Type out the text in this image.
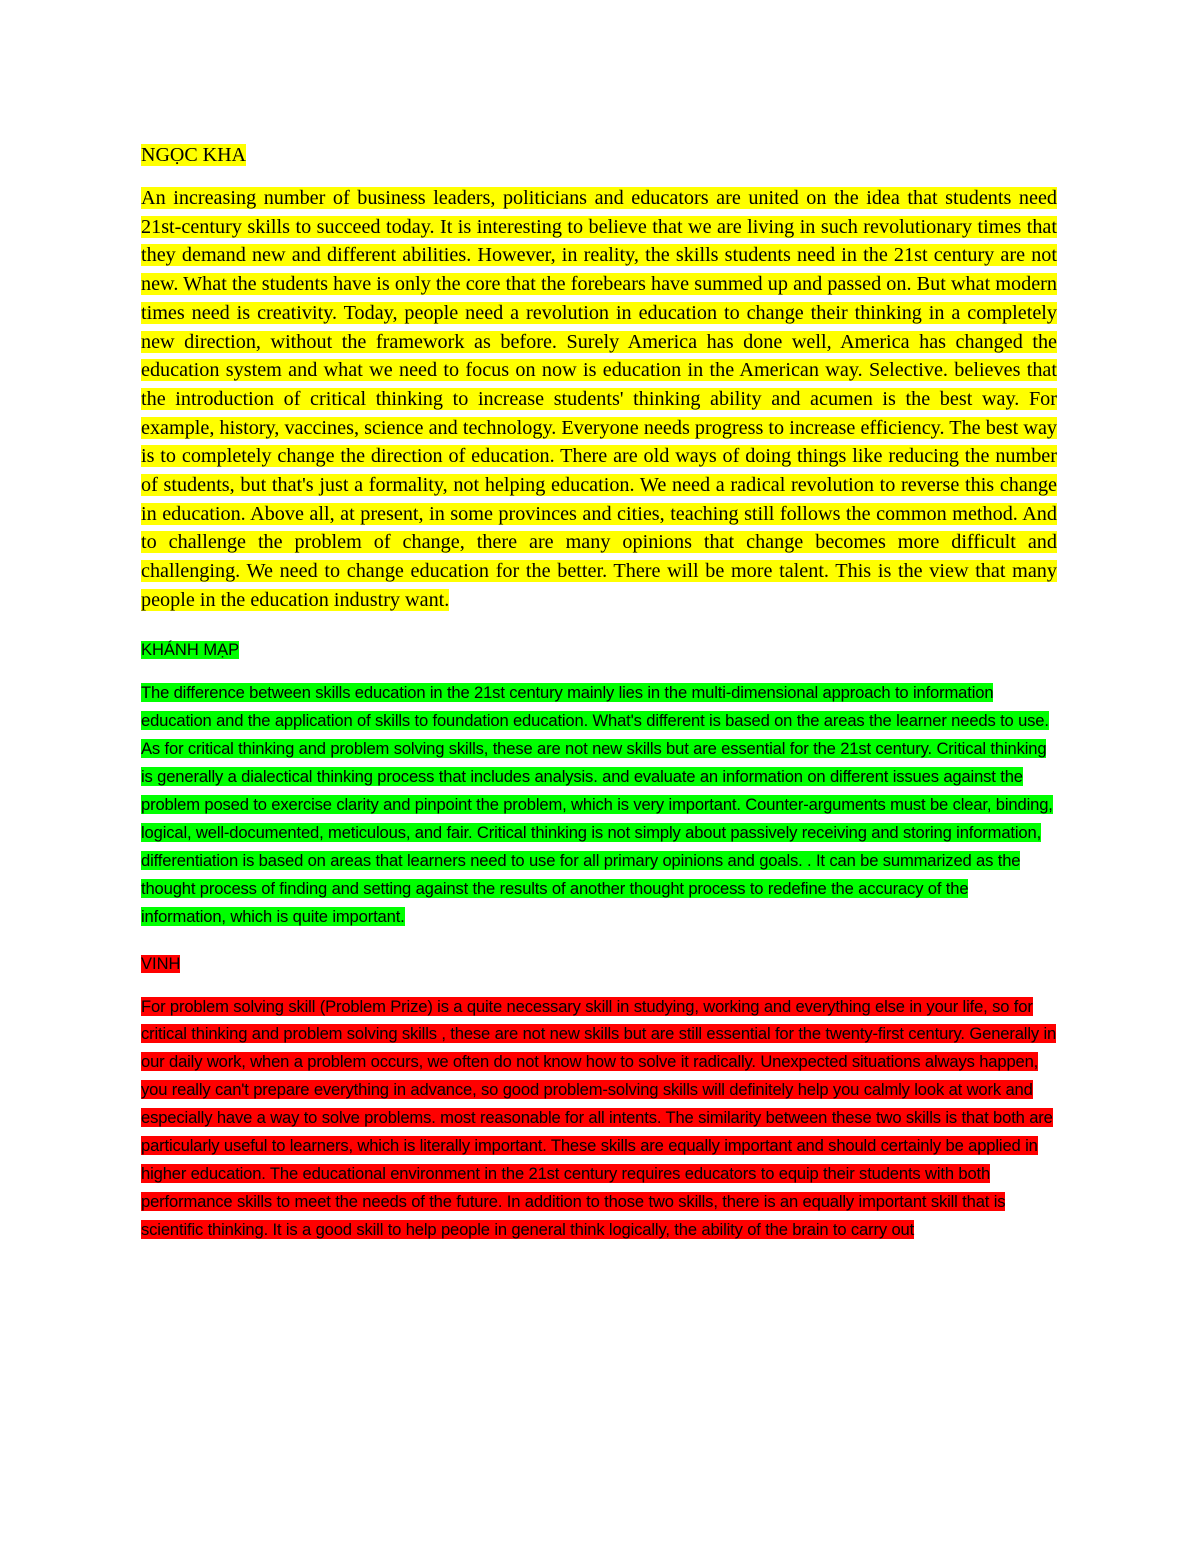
NGỌC KHA

An increasing number of business leaders, politicians and educators are united on the idea that students need 21st-century skills to succeed today. It is interesting to believe that we are living in such revolutionary times that they demand new and different abilities. However, in reality, the skills students need in the 21st century are not new. What the students have is only the core that the forebears have summed up and passed on. But what modern times need is creativity. Today, people need a revolution in education to change their thinking in a completely new direction, without the framework as before. Surely America has done well, America has changed the education system and what we need to focus on now is education in the American way. Selective. believes that the introduction of critical thinking to increase students' thinking ability and acumen is the best way. For example, history, vaccines, science and technology. Everyone needs progress to increase efficiency. The best way is to completely change the direction of education. There are old ways of doing things like reducing the number of students, but that's just a formality, not helping education. We need a radical revolution to reverse this change in education. Above all, at present, in some provinces and cities, teaching still follows the common method. And to challenge the problem of change, there are many opinions that change becomes more difficult and challenging. We need to change education for the better. There will be more talent. This is the view that many people in the education industry want.

KHÁNH MẠP

The difference between skills education in the 21st century mainly lies in the multi-dimensional approach to information education and the application of skills to foundation education. What's different is based on the areas the learner needs to use. As for critical thinking and problem solving skills, these are not new skills but are essential for the 21st century. Critical thinking is generally a dialectical thinking process that includes analysis. and evaluate an information on different issues against the problem posed to exercise clarity and pinpoint the problem, which is very important. Counter-arguments must be clear, binding, logical, well-documented, meticulous, and fair. Critical thinking is not simply about passively receiving and storing information, differentiation is based on areas that learners need to use for all primary opinions and goals. . It can be summarized as the thought process of finding and setting against the results of another thought process to redefine the accuracy of the information, which is quite important.

VINH

For problem solving skill (Problem Prize) is a quite necessary skill in studying, working and everything else in your life, so for critical thinking and problem solving skills , these are not new skills but are still essential for the twenty-first century. Generally in our daily work, when a problem occurs, we often do not know how to solve it radically. Unexpected situations always happen, you really can't prepare everything in advance, so good problem-solving skills will definitely help you calmly look at work and especially have a way to solve problems. most reasonable for all intents. The similarity between these two skills is that both are particularly useful to learners, which is literally important. These skills are equally important and should certainly be applied in higher education. The educational environment in the 21st century requires educators to equip their students with both performance skills to meet the needs of the future. In addition to those two skills, there is an equally important skill that is scientific thinking. It is a good skill to help people in general think logically, the ability of the brain to carry out
